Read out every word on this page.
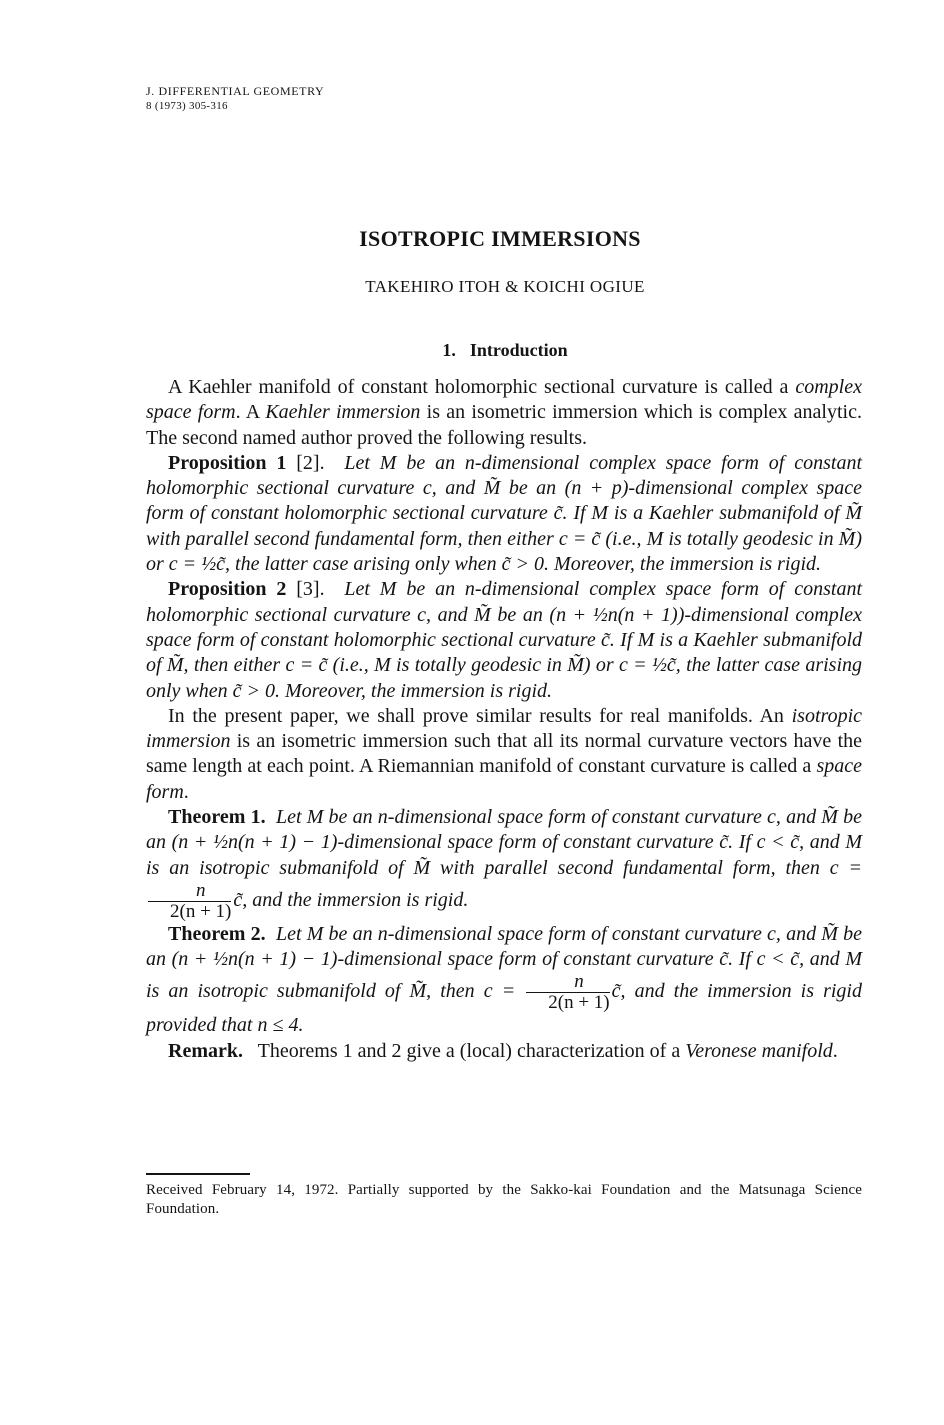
J. DIFFERENTIAL GEOMETRY
8 (1973) 305-316
ISOTROPIC IMMERSIONS
TAKEHIRO ITOH & KOICHI OGIUE
1. Introduction

A Kaehler manifold of constant holomorphic sectional curvature is called a complex space form. A Kaehler immersion is an isometric immersion which is complex analytic. The second named author proved the following results.

Proposition 1 [2]. Let M be an n-dimensional complex space form of constant holomorphic sectional curvature c, and M̃ be an (n + p)-dimensional complex space form of constant holomorphic sectional curvature c̃. If M is a Kaehler submanifold of M̃ with parallel second fundamental form, then either c = c̃ (i.e., M is totally geodesic in M̃) or c = ½c̃, the latter case arising only when c̃ > 0. Moreover, the immersion is rigid.

Proposition 2 [3]. Let M be an n-dimensional complex space form of constant holomorphic sectional curvature c, and M̃ be an (n + ½n(n + 1))-dimensional complex space form of constant holomorphic sectional curvature c̃. If M is a Kaehler submanifold of M̃, then either c = c̃ (i.e., M is totally geodesic in M̃) or c = ½c̃, the latter case arising only when c̃ > 0. Moreover, the immersion is rigid.

In the present paper, we shall prove similar results for real manifolds. An isotropic immersion is an isometric immersion such that all its normal curvature vectors have the same length at each point. A Riemannian manifold of constant curvature is called a space form.

Theorem 1. Let M be an n-dimensional space form of constant curvature c, and M̃ be an (n + ½n(n + 1) − 1)-dimensional space form of constant curvature c̃. If c < c̃, and M is an isotropic submanifold of M̃ with parallel second fundamental form, then c =
$\frac{n}{2(n + 1)}$ c̃, and the immersion is rigid.

Theorem 2. Let M be an n-dimensional space form of constant curvature c, and M̃ be an (n + ½n(n + 1) − 1)-dimensional space form of constant curvature c̃. If c < c̃, and M is an isotropic submanifold of M̃, then $c = \frac{n}{2(n + 1)}$ c̃, and the immersion is rigid provided that n ≤ 4.

Remark. Theorems 1 and 2 give a (local) characterization of a Veronese manifold.

Received February 14, 1972. Partially supported by the Sakko-kai Foundation and the Matsunaga Science Foundation.
